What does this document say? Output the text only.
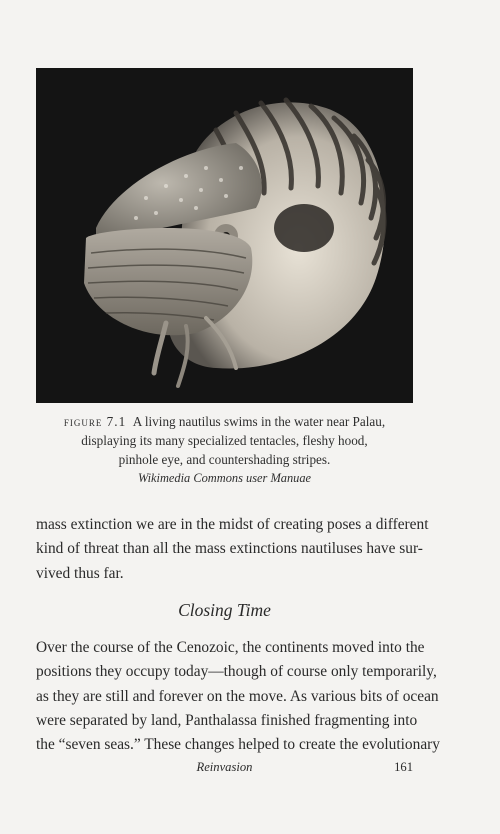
figure 7.1 A living nautilus swims in the water near Palau,
displaying its many specialized tentacles, fleshy hood,
pinhole eye, and countershading stripes.
Wikimedia Commons user Manuae
mass extinction we are in the midst of creating poses a different
kind of threat than all the mass extinctions nautiluses have sur-
vived thus far.
Closing Time
Over the course of the Cenozoic, the continents moved into the
positions they occupy today—though of course only temporarily,
as they are still and forever on the move. As various bits of ocean
were separated by land, Panthalassa finished fragmenting into
the “seven seas.” These changes helped to create the evolutionary
Reinvasion	161
